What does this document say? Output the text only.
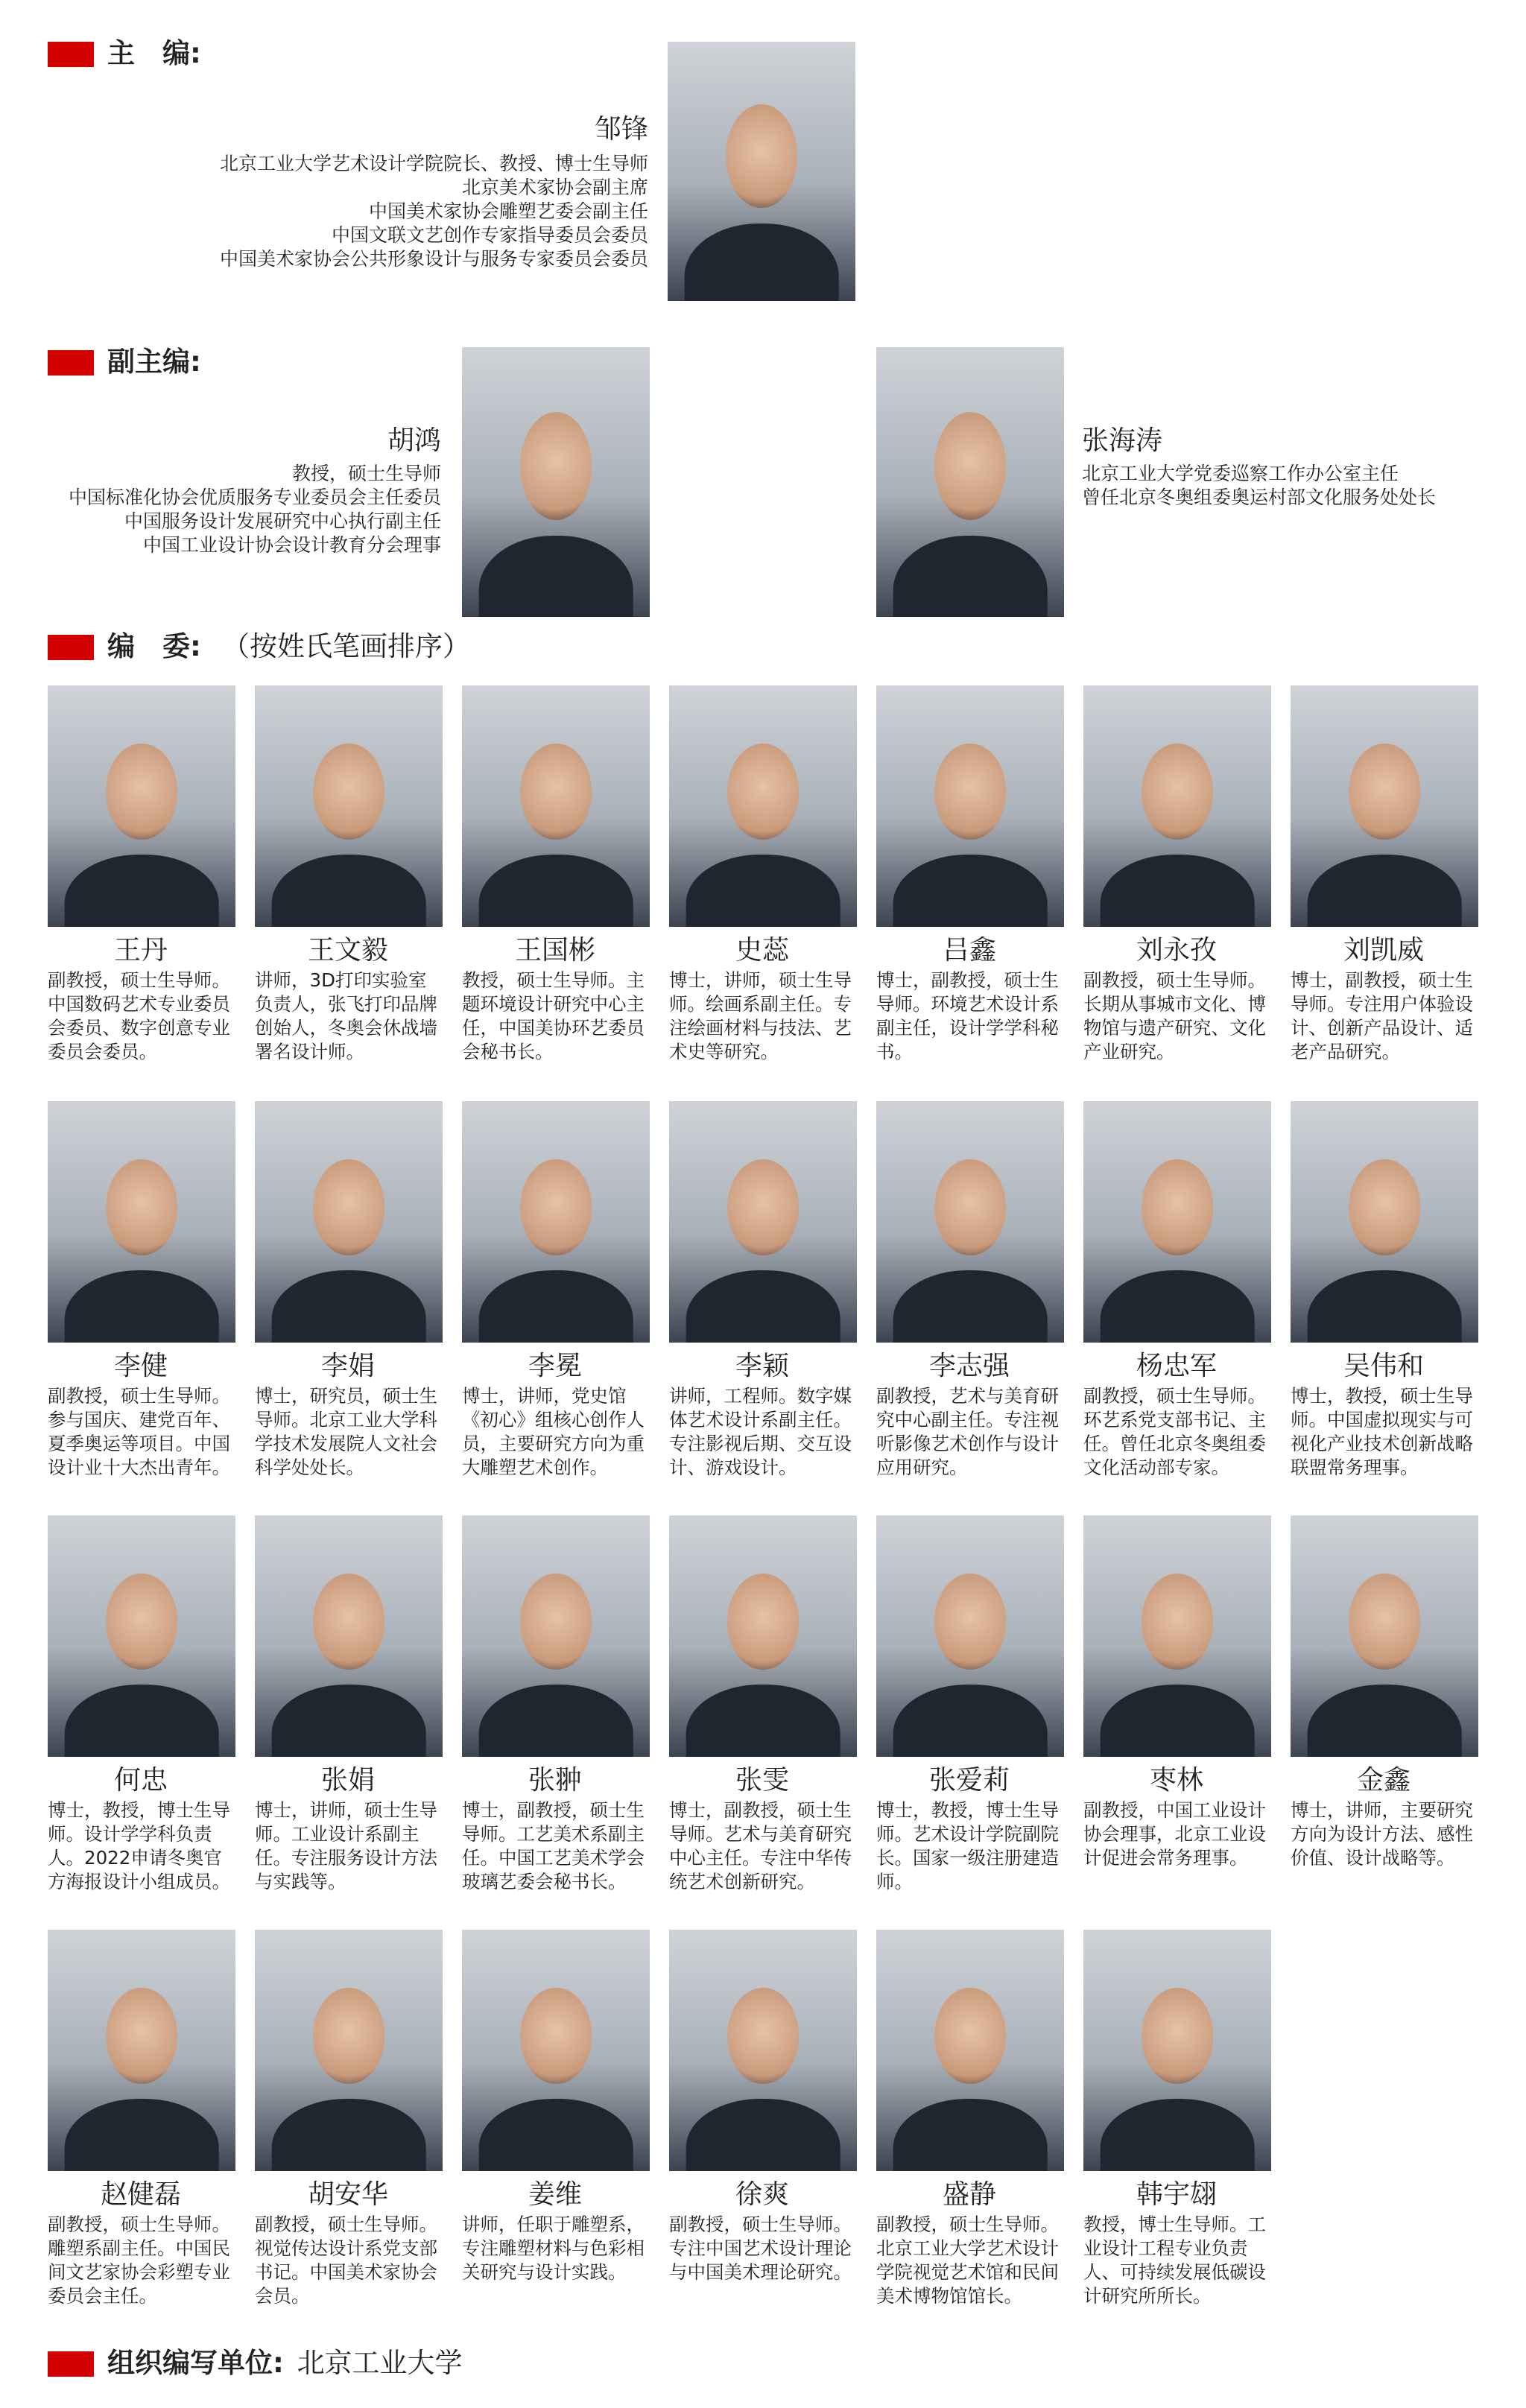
主　编:
邹锋
北京工业大学艺术设计学院院长、教授、博士生导师
北京美术家协会副主席
中国美术家协会雕塑艺委会副主任
中国文联文艺创作专家指导委员会委员
中国美术家协会公共形象设计与服务专家委员会委员
副主编:
胡鸿
教授，硕士生导师
中国标准化协会优质服务专业委员会主任委员
中国服务设计发展研究中心执行副主任
中国工业设计协会设计教育分会理事
张海涛
北京工业大学党委巡察工作办公室主任
曾任北京冬奥组委奥运村部文化服务处处长
编　委: （按姓氏笔画排序）
王丹
副教授，硕士生导师。中国数码艺术专业委员会委员、数字创意专业委员会委员。
王文毅
讲师，3D打印实验室负责人，张飞打印品牌创始人，冬奥会休战墙署名设计师。
王国彬
教授，硕士生导师。主题环境设计研究中心主任，中国美协环艺委员会秘书长。
史蕊
博士，讲师，硕士生导师。绘画系副主任。专注绘画材料与技法、艺术史等研究。
吕鑫
博士，副教授，硕士生导师。环境艺术设计系副主任，设计学学科秘书。
刘永孜
副教授，硕士生导师。长期从事城市文化、博物馆与遗产研究、文化产业研究。
刘凯威
博士，副教授，硕士生导师。专注用户体验设计、创新产品设计、适老产品研究。
李健
副教授，硕士生导师。参与国庆、建党百年、夏季奥运等项目。中国设计业十大杰出青年。
李娟
博士，研究员，硕士生导师。北京工业大学科学技术发展院人文社会科学处处长。
李冕
博士，讲师，党史馆《初心》组核心创作人员，主要研究方向为重大雕塑艺术创作。
李颖
讲师，工程师。数字媒体艺术设计系副主任。专注影视后期、交互设计、游戏设计。
李志强
副教授，艺术与美育研究中心副主任。专注视听影像艺术创作与设计应用研究。
杨忠军
副教授，硕士生导师。环艺系党支部书记、主任。曾任北京冬奥组委文化活动部专家。
吴伟和
博士，教授，硕士生导师。中国虚拟现实与可视化产业技术创新战略联盟常务理事。
何忠
博士，教授，博士生导师。设计学学科负责人。2022申请冬奥官方海报设计小组成员。
张娟
博士，讲师，硕士生导师。工业设计系副主任。专注服务设计方法与实践等。
张翀
博士，副教授，硕士生导师。工艺美术系副主任。中国工艺美术学会玻璃艺委会秘书长。
张雯
博士，副教授，硕士生导师。艺术与美育研究中心主任。专注中华传统艺术创新研究。
张爱莉
博士，教授，博士生导师。艺术设计学院副院长。国家一级注册建造师。
枣林
副教授，中国工业设计协会理事，北京工业设计促进会常务理事。
金鑫
博士，讲师，主要研究方向为设计方法、感性价值、设计战略等。
赵健磊
副教授，硕士生导师。雕塑系副主任。中国民间文艺家协会彩塑专业委员会主任。
胡安华
副教授，硕士生导师。视觉传达设计系党支部书记。中国美术家协会会员。
姜维
讲师，任职于雕塑系，专注雕塑材料与色彩相关研究与设计实践。
徐爽
副教授，硕士生导师。专注中国艺术设计理论与中国美术理论研究。
盛静
副教授，硕士生导师。北京工业大学艺术设计学院视觉艺术馆和民间美术博物馆馆长。
韩宇翃
教授，博士生导师。工业设计工程专业负责人、可持续发展低碳设计研究所所长。
组织编写单位: 北京工业大学
